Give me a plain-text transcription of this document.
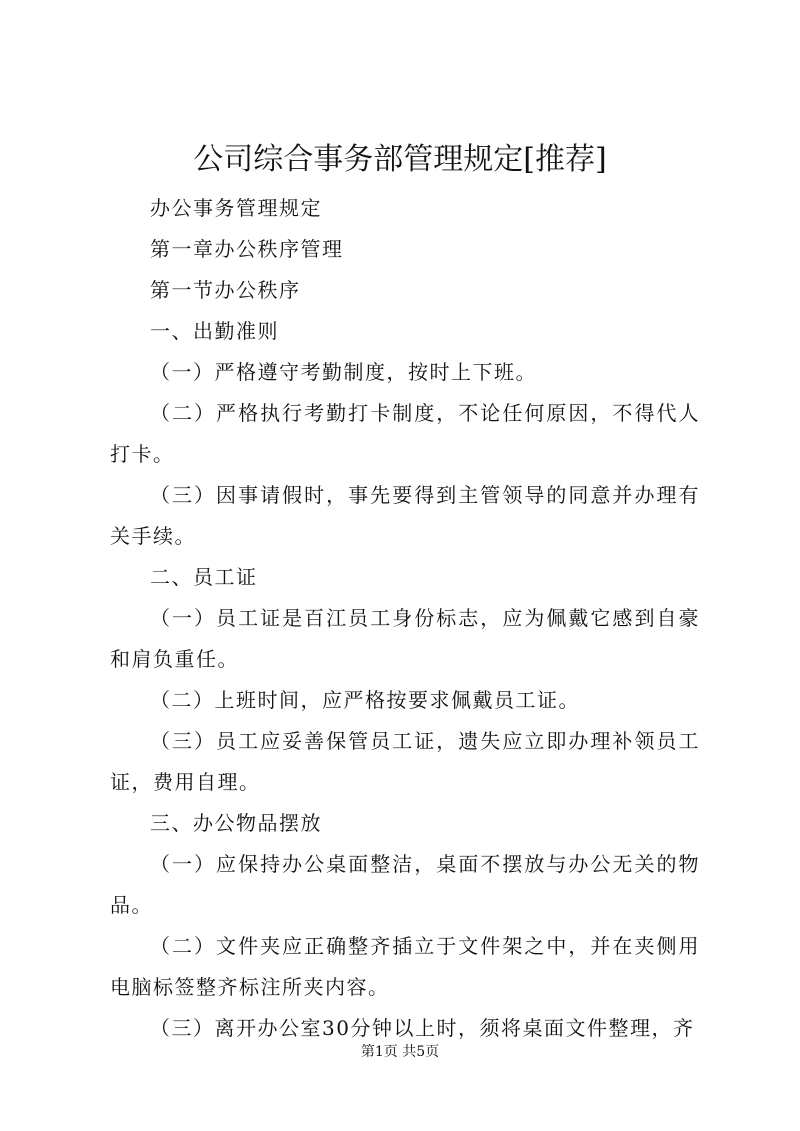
公司综合事务部管理规定[推荐]

办公事务管理规定

第一章办公秩序管理

第一节办公秩序

一、出勤准则

（一）严格遵守考勤制度，按时上下班。

（二）严格执行考勤打卡制度，不论任何原因，不得代人打卡。

（三）因事请假时，事先要得到主管领导的同意并办理有关手续。

二、员工证

（一）员工证是百江员工身份标志，应为佩戴它感到自豪和肩负重任。

（二）上班时间，应严格按要求佩戴员工证。

（三）员工应妥善保管员工证，遗失应立即办理补领员工证，费用自理。

三、办公物品摆放

（一）应保持办公桌面整洁，桌面不摆放与办公无关的物品。

（二）文件夹应正确整齐插立于文件架之中，并在夹侧用电脑标签整齐标注所夹内容。

（三）离开办公室30分钟以上时，须将桌面文件整理，齐

第1页 共5页
